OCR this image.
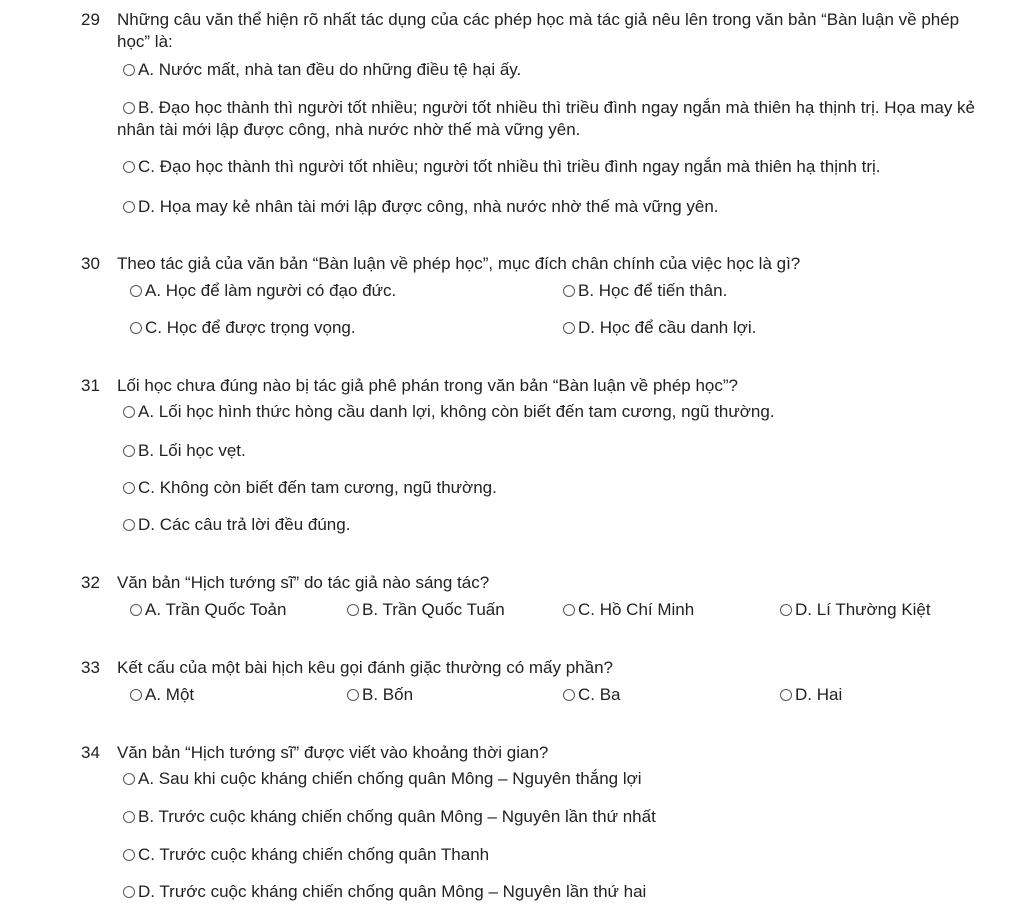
29 Những câu văn thể hiện rõ nhất tác dụng của các phép học mà tác giả nêu lên trong văn bản “Bàn luận về phép học” là:
A. Nước mất, nhà tan đều do những điều tệ hại ấy.
B. Đạo học thành thì người tốt nhiều; người tốt nhiều thì triều đình ngay ngắn mà thiên hạ thịnh trị. Họa may kẻ nhân tài mới lập được công, nhà nước nhờ thế mà vững yên.
C. Đạo học thành thì người tốt nhiều; người tốt nhiều thì triều đình ngay ngắn mà thiên hạ thịnh trị.
D. Họa may kẻ nhân tài mới lập được công, nhà nước nhờ thế mà vững yên.
30 Theo tác giả của văn bản “Bàn luận về phép học”, mục đích chân chính của việc học là gì?
A. Học để làm người có đạo đức.	B. Học để tiến thân.
C. Học để được trọng vọng.	D. Học để cầu danh lợi.
31 Lối học chưa đúng nào bị tác giả phê phán trong văn bản “Bàn luận về phép học”?
A. Lối học hình thức hòng cầu danh lợi, không còn biết đến tam cương, ngũ thường.
B. Lối học vẹt.
C. Không còn biết đến tam cương, ngũ thường.
D. Các câu trả lời đều đúng.
32 Văn bản “Hịch tướng sĩ” do tác giả nào sáng tác?
A. Trần Quốc Toản	B. Trần Quốc Tuấn	C. Hồ Chí Minh	D. Lí Thường Kiệt
33 Kết cấu của một bài hịch kêu gọi đánh giặc thường có mấy phần?
A. Một	B. Bốn	C. Ba	D. Hai
34 Văn bản “Hịch tướng sĩ” được viết vào khoảng thời gian?
A. Sau khi cuộc kháng chiến chống quân Mông – Nguyên thắng lợi
B. Trước cuộc kháng chiến chống quân Mông – Nguyên lần thứ nhất
C. Trước cuộc kháng chiến chống quân Thanh
D. Trước cuộc kháng chiến chống quân Mông – Nguyên lần thứ hai
